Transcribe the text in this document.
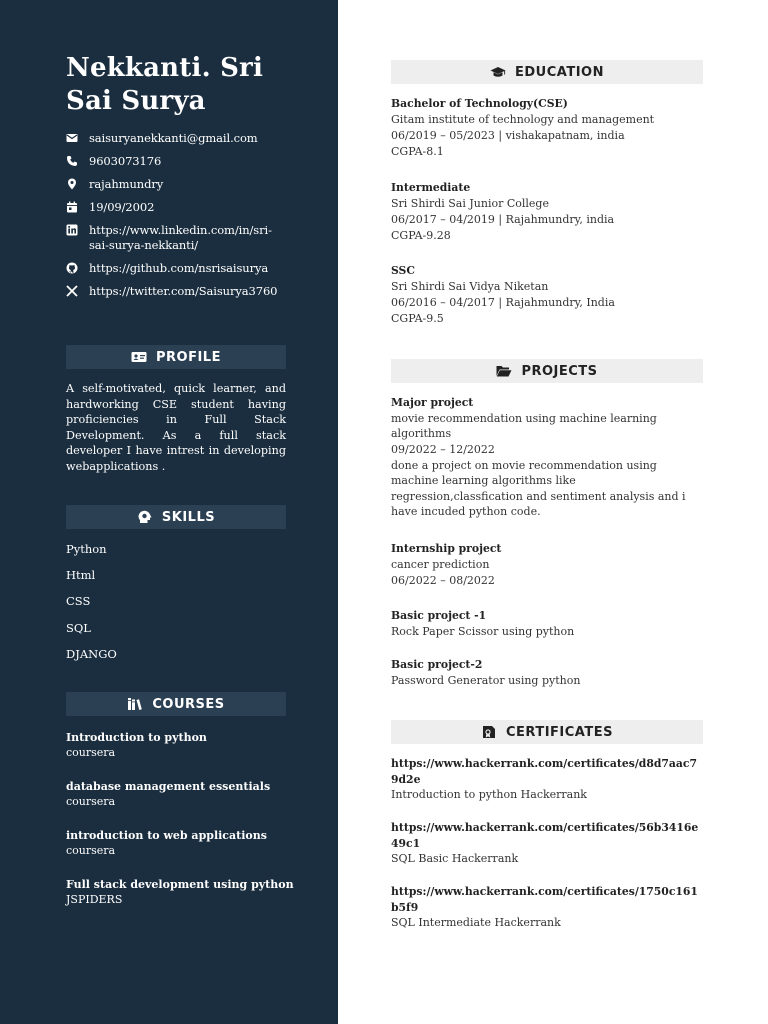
Nekkanti. Sri Sai Surya
saisuryanekkanti@gmail.com
9603073176
rajahmundry
19/09/2002
https://www.linkedin.com/in/sri-sai-surya-nekkanti/
https://github.com/nsrisaisurya
https://twitter.com/Saisurya3760
PROFILE

A self-motivated, quick learner, and hardworking CSE student having proficiencies in Full Stack Development. As a full stack developer I have intrest in developing webapplications .

SKILLS
Python
Html
CSS
SQL
DJANGO
COURSES
Introduction to python
coursera
database management essentials
coursera
introduction to web applications
coursera
Full stack development using python
JSPIDERS
EDUCATION
Bachelor of Technology(CSE)
Gitam institute of technology and management
06/2019 – 05/2023 | vishakapatnam, india
CGPA-8.1
Intermediate
Sri Shirdi Sai Junior College
06/2017 – 04/2019 | Rajahmundry, india
CGPA-9.28
SSC
Sri Shirdi Sai Vidya Niketan
06/2016 – 04/2017 | Rajahmundry, India
CGPA-9.5
PROJECTS
Major project
movie recommendation using machine learning algorithms
09/2022 – 12/2022
done a project on movie recommendation using machine learning algorithms like regression,classfication and sentiment analysis and i have incuded python code.
Internship project
cancer prediction
06/2022 – 08/2022
Basic project -1
Rock Paper Scissor using python
Basic project-2
Password Generator using python
CERTIFICATES
https://www.hackerrank.com/certificates/d8d7aac79d2e
Introduction to python Hackerrank
https://www.hackerrank.com/certificates/56b3416e49c1
SQL Basic Hackerrank
https://www.hackerrank.com/certificates/1750c161b5f9
SQL Intermediate Hackerrank
